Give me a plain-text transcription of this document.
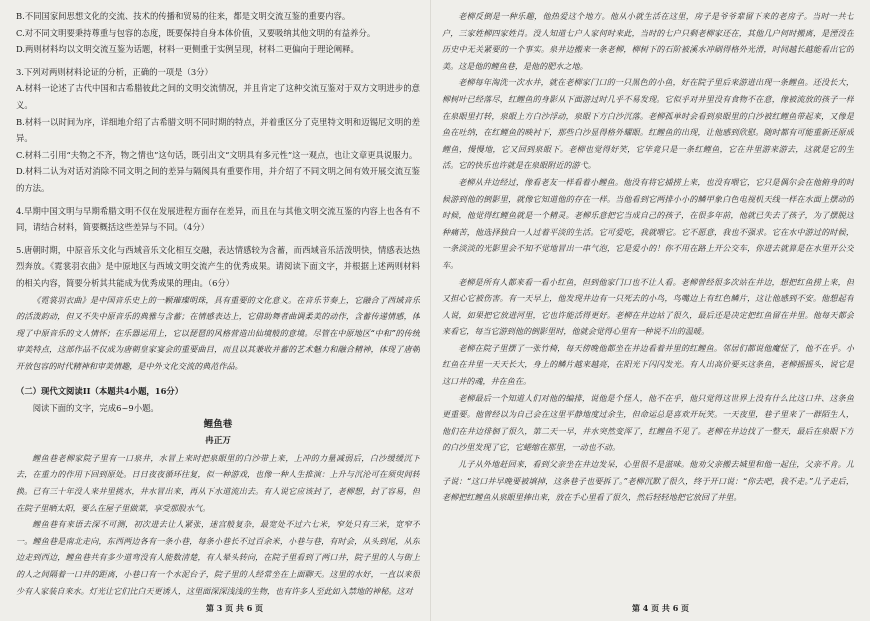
B.不同国家间思想文化的交流、技术的传播和贸易的往来，都是文明交流互鉴的重要内容。

C.对不同文明要秉持尊重与包容的态度，既要保持自身本体价值，又要吸纳其他文明的有益养分。

D.两则材料均以文明交流互鉴为话题，材料一更侧重于实例呈现，材料二更偏向于理论阐释。

3.下列对两则材料论证的分析，正确的一项是（3分）

A.材料一论述了古代中国和古希腊彼此之间的文明交流情况，并且肯定了这种交流互鉴对于双方文明进步的意义。

B.材料一以时间为序，详细地介绍了古希腊文明不同时期的特点，并着重区分了克里特文明和迈锡尼文明的差异。

C.材料二引用“夫物之不齐，物之情也”这句话，既引出文“文明具有多元性”这一观点，也让文章更具说服力。

D.材料二认为对话对消除不同文明之间的差异与隔阂具有重要作用，并介绍了不同文明之间有效开展交流互鉴的方法。

4.早期中国文明与早期希腊文明不仅在发展进程方面存在差异，而且在与其他文明交流互鉴的内容上也各有不同，请结合材料，简要概括这些差异与不同。（4分）

5.唐朝时期，中原音乐文化与西域音乐文化相互交融，表达情感较为含蓄，而西域音乐活泼明快，情感表达热烈奔放。《霓裳羽衣曲》是中原地区与西域文明交流产生的优秀成果。请阅读下面文字，并根据上述两则材料的相关内容，简要分析其共能成为优秀成果的理由。（6分）

《霓裳羽衣曲》是中国音乐史上的一颗璀璨明珠，具有重要的文化意义。在音乐节奏上，它融合了西域音乐的活泼韵动，但又不失中原音乐的典雅与含蓄；在情感表达上，它借助舞者曲调柔美的动作，含蓄传递情感，体现了中原音乐的文人情怀；在乐器运用上，它以琵琶的风格营造出仙境般的意境。尽管在中原地区“中和”的传统审美特点，这部作品不仅成为唐朝皇家宴会的重要曲目，而且以其兼收并蓄的艺术魅力和融合精神，体现了唐朝开放包容的时代精神和审美情趣，是中外文化交流的典范作品。

（二）现代文阅读II（本题共4小题，16分）

阅读下面的文字，完成6~9小题。

鲤鱼巷

冉正万

鲤鱼巷老柳家院子里有一口泉井，水冒上来时把泉眼里的白沙带上来，上冲的力量减弱后，白沙缓缓沉下去，在重力的作用下回到原处。日日夜夜循环往复，似一种游戏，也像一种人生推演：上升与沉沦可在须臾间转换。已有三十年没人来井里挑水，井水冒出来，再从下水道流出去。有人说它应该封了，老柳想，封了容易，但在院子里晒太阳，要么在屋子里做菜，享受那股水气。

鲤鱼巷有来语去深不可测，初次进去让人紧张，迷宫般复杂，最宽处不过六七米，窄处只有三米，宽窄不一。鲤鱼巷是南北走向，东西两边各有一条小巷，每条小巷长不过百余米，小巷与巷，有时会，从头到尾，从东边走到西边，鲤鱼巷共有多少道弯没有人能数清楚，有人晕头转向，在院子里看到了两口井，院子里的人与街上的人之间隔着一口井的距离，小巷口有一个水泥台子，院子里的人经常坐在上面聊天。这里的水好，一直以来很少有人家装自来水。灯光让它们比白天更诱人，这里面深深浅浅的生物，也有许多人至此如入禁地的神秘。这对

老柳反倒是一种乐趣，他热爱这个地方。他从小就生活在这里，房子是爷爷辈留下来的老房子。当时一共七户，三家姓柳四家姓肖。没人知道七户人家何时来此，当时的七户只剩老柳家还在，其他几户何时搬离，是湮没在历史中无关紧要的一个事实。泉井边搬来一条老柳，柳树下的石阶被溪水冲刷得格外光滑，时间越长越能看出它的美。这是他的鲤鱼巷，是他的肥水之地。

老柳每年淘洗一次水井，就在老柳家门口的一只黑色的小鱼，好在院子里后来游进出现一条鲤鱼。还没长大，柳树叶已经落尽，红鲤鱼的身影从下面游过时几乎不易发现。它似乎对井里没有食物不在意，像被流放的孩子一样在泉眼里打转，泉眼上方白沙浮动，泉眼下方白沙沉落。老柳孤单时会看到泉眼里的白沙被红鲤鱼带起来，又像是鱼在吐纳，在红鲤鱼的映衬下，那些白沙显得格外耀眼。红鲤鱼的出现，让他感到欣慰。随时都有可能重新还原成鲤鱼，慢慢地，它又回到泉眼下。老柳也觉得好笑，它毕竟只是一条红鲤鱼，它在井里游来游去，这就是它的生活。它的快乐也许就是在泉眼附近的游弋。

老柳从井边经过，像看老友一样看着小鲤鱼。他没有将它捕捞上来，也没有喂它，它只是偶尔会在他俯身的时候游到他的倒影里，就像它知道他的存在一样。当他看到它两排小小的鳞甲象白色电视机天线一样在水面上摆动的时候，他觉得红鲤鱼就是一个精灵。老柳乐意把它当成自己的孩子，在很多年前，他就已失去了孩子，为了摆脱这种痛苦，他选择独自一人过着平淡的生活。它可爱吃，我就喂它。它不愿意，我也不强求。它在水中游过的时候，一条淡淡的光影里会不知不觉地冒出一串气泡，它是爱小的！你不用在路上开公交车，你进去就算是在水里开公交车。

老柳是所有人都来看一看小红鱼，但到他家门口也不让人看。老柳曾经很多次站在井边，想把红鱼捞上来，但又担心它被伤害。有一天早上，他发现井边有一只死去的小鸟，鸟嘴边上有红色鳞片，这让他感到不安。他想起有人说，如果把它放进河里，它也许能活得更好。老柳在井边站了很久，最后还是决定把红鱼留在井里。他每天都会来看它，每当它游到他的倒影里时，他就会觉得心里有一种说不出的温暖。

老柳在院子里摆了一张竹椅，每天傍晚他都坐在井边看着井里的红鲤鱼。邻居们都说他魔怔了，他不在乎。小红鱼在井里一天天长大，身上的鳞片越来越亮，在阳光下闪闪发光。有人出高价要买这条鱼，老柳摇摇头，说它是这口井的魂，井在鱼在。

老柳最后一个知道人们对他的编排，说他是个怪人，他不在乎，他只觉得这世界上没有什么比这口井、这条鱼更重要。他曾经以为自己会在这里平静地度过余生，但命运总是喜欢开玩笑。一天夜里，巷子里来了一群陌生人，他们在井边徘徊了很久，第二天一早，井水突然变浑了，红鲤鱼不见了。老柳在井边找了一整天，最后在泉眼下方的白沙里发现了它，它蜷缩在那里，一动也不动。

儿子从外地赶回来，看到父亲坐在井边发呆，心里很不是滋味。他劝父亲搬去城里和他一起住，父亲不肯。儿子说：“这口井早晚要被填掉，这条巷子也要拆了。”老柳沉默了很久，终于开口说：“你去吧，我不走。”儿子走后，老柳把红鲤鱼从泉眼里捧出来，放在手心里看了很久，然后轻轻地把它放回了井里。

第 3 页 共 6 页	第 4 页 共 6 页
